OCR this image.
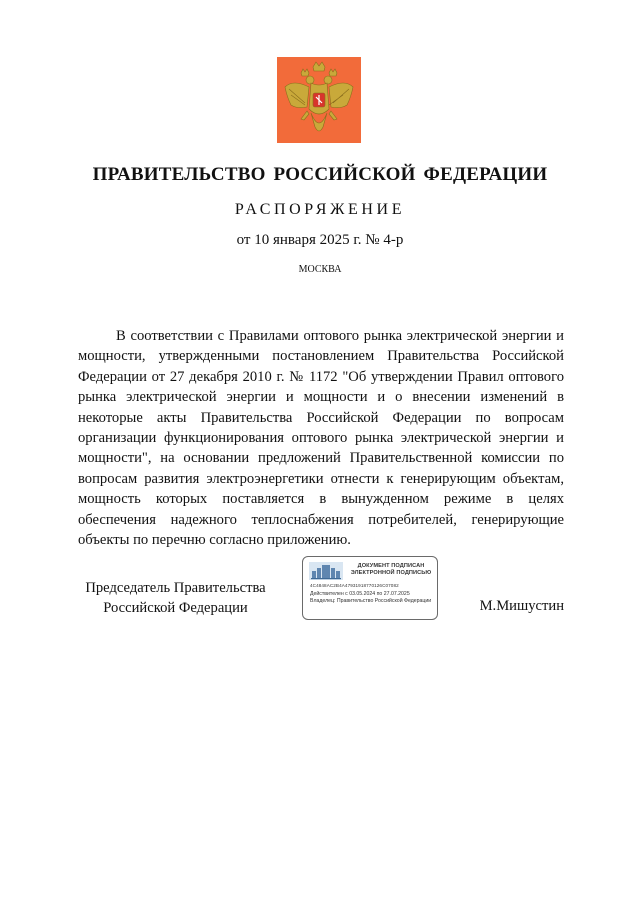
ПРАВИТЕЛЬСТВО РОССИЙСКОЙ ФЕДЕРАЦИИ
РАСПОРЯЖЕНИЕ
от 10 января 2025 г. № 4-р
МОСКВА

В соответствии с Правилами оптового рынка электрической энергии и мощности, утвержденными постановлением Правительства Российской Федерации от 27 декабря 2010 г. № 1172 "Об утверждении Правил оптового рынка электрической энергии и мощности и о внесении изменений в некоторые акты Правительства Российской Федерации по вопросам организации функционирования оптового рынка электрической энергии и мощности", на основании предложений Правительственной комиссии по вопросам развития электроэнергетики отнести к генерирующим объектам, мощность которых поставляется в вынужденном режиме в целях обеспечения надежного теплоснабжения потребителей, генерирующие объекты по перечню согласно приложению.

Председатель Правительства
Российской Федерации
ДОКУМЕНТ ПОДПИСАН
ЭЛЕКТРОННОЙ ПОДПИСЬЮ
4C4848AC2B4A47931918770126C07082
Действителен с 03.05.2024 по 27.07.2025
Владелец: Правительство Российской Федерации	М.Мишустин
